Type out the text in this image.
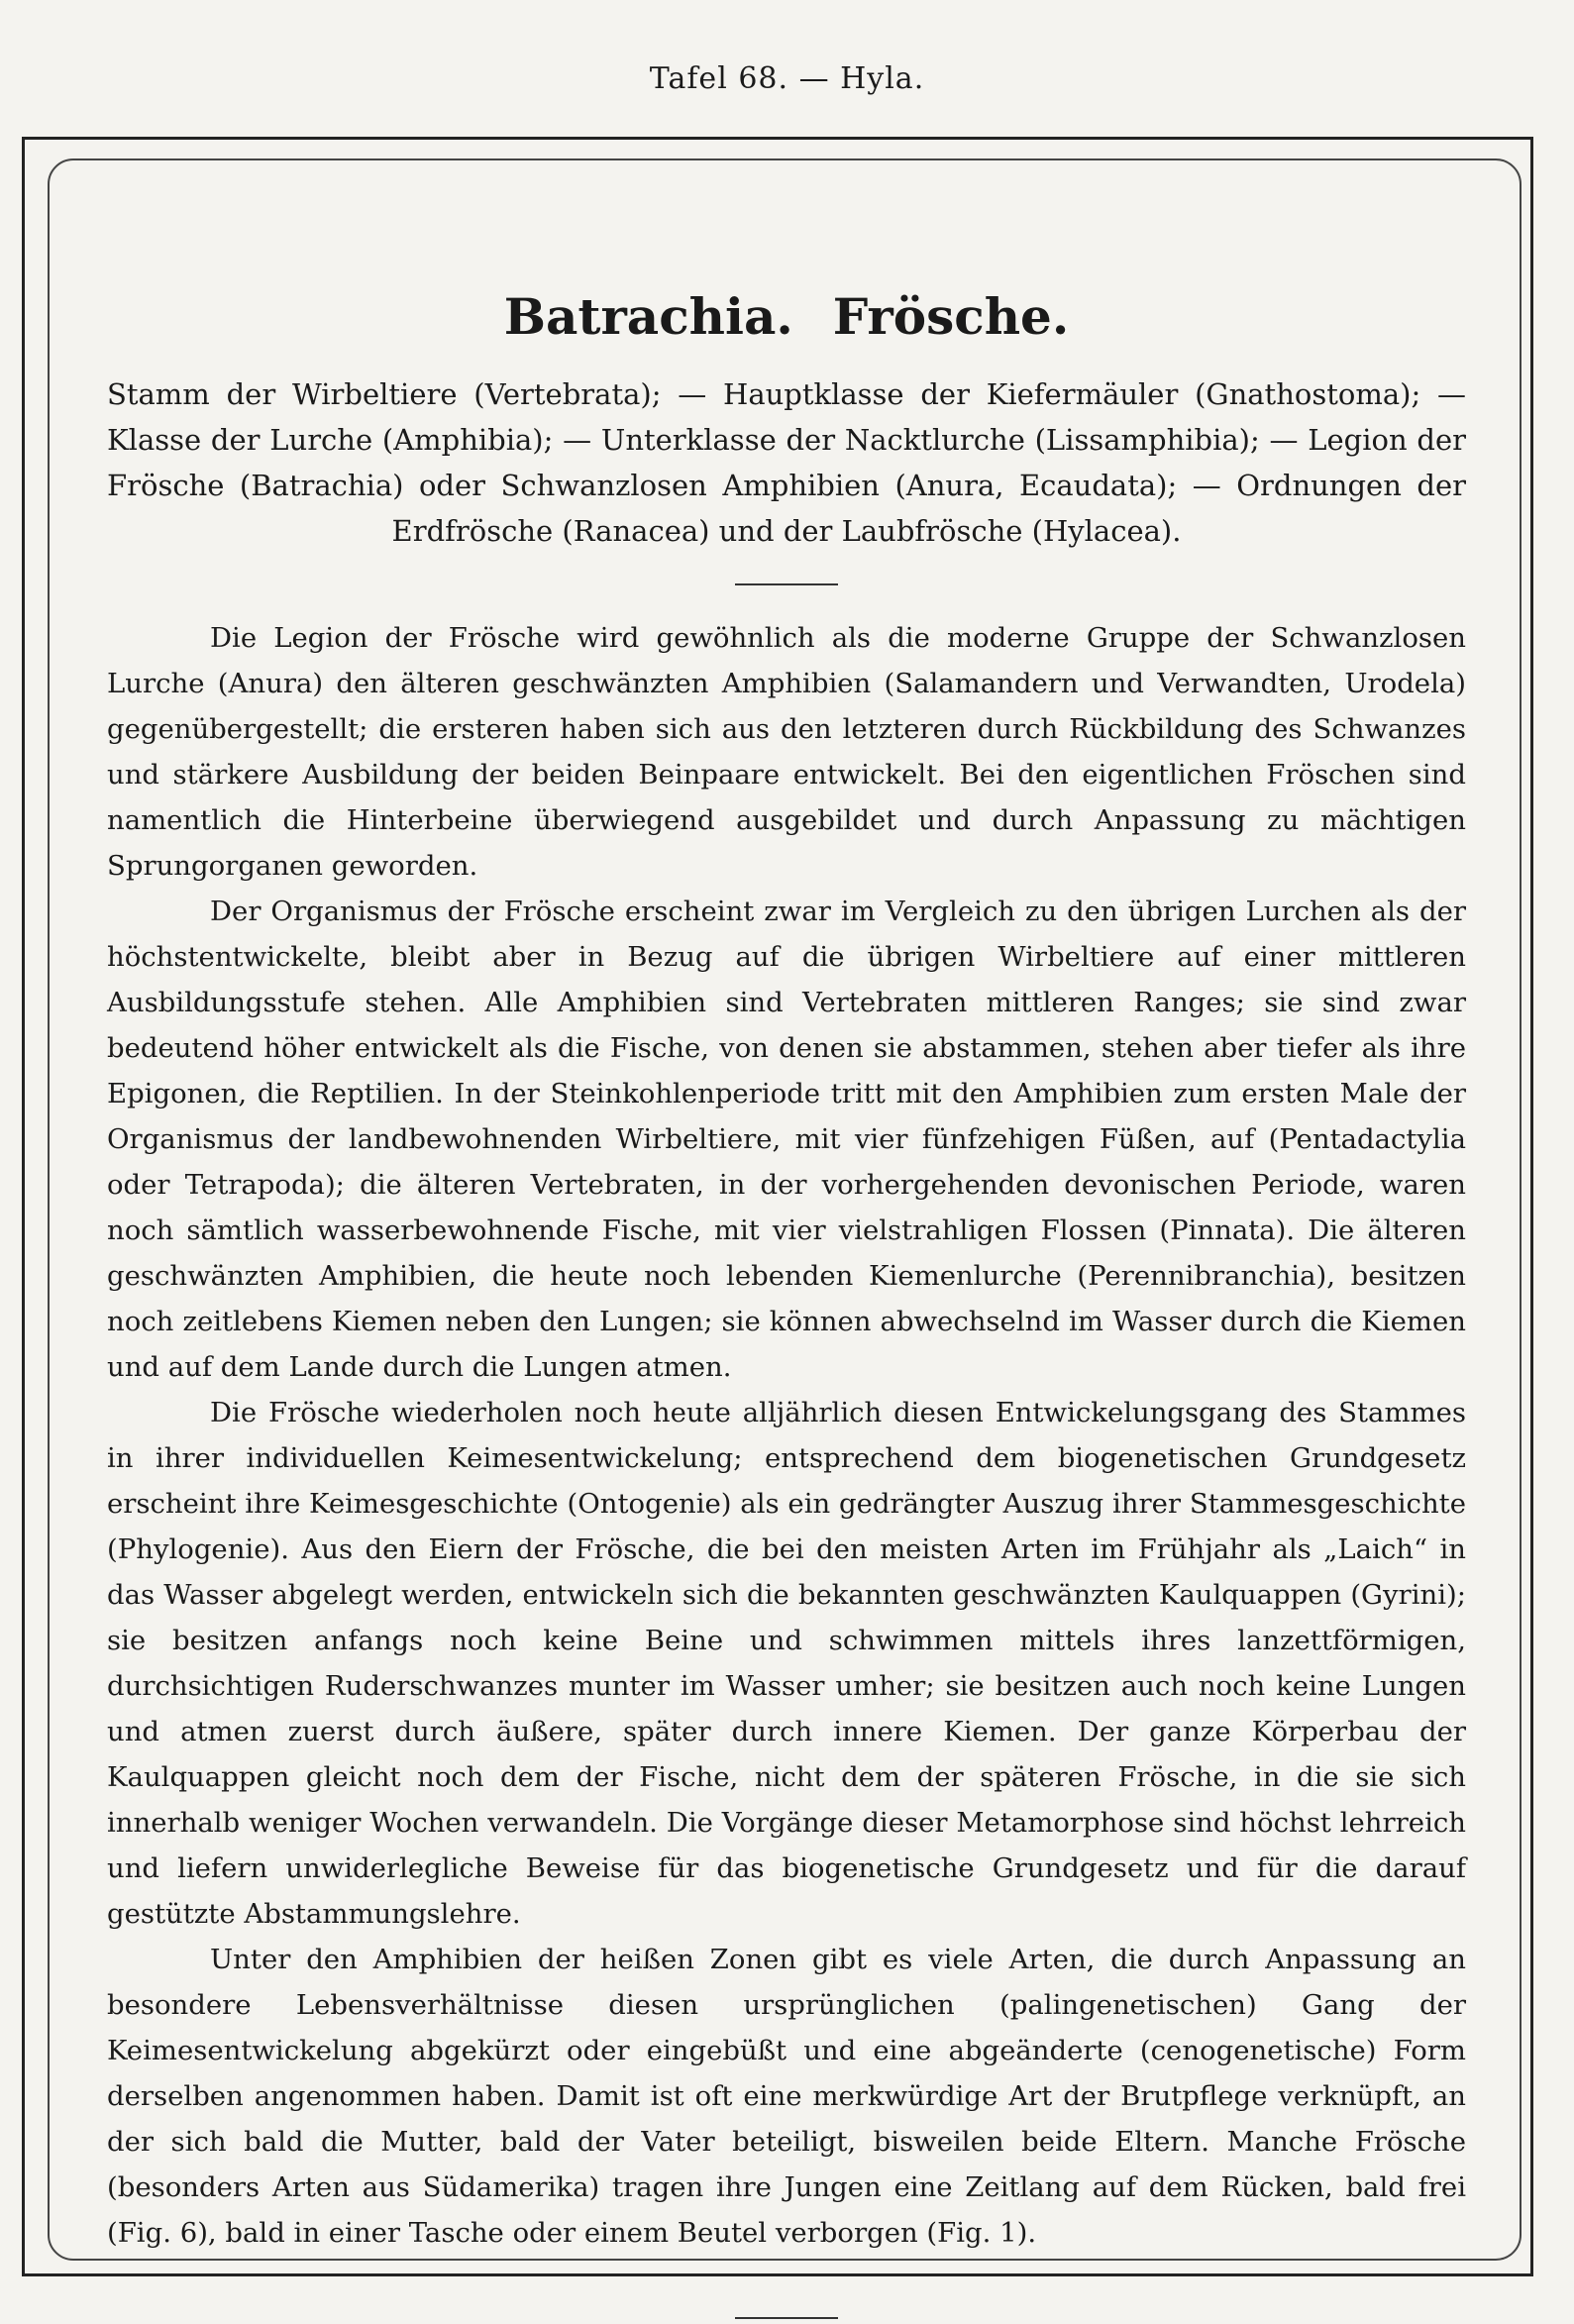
Tafel 68. — Hyla.
Batrachia. Frösche.

Stamm der Wirbeltiere (Vertebrata); — Hauptklasse der Kiefermäuler (Gnathostoma); — Klasse der Lurche (Amphibia); — Unterklasse der Nacktlurche (Lissamphibia); — Legion der Frösche (Batrachia) oder Schwanzlosen Amphibien (Anura, Ecaudata); — Ordnungen der Erdfrösche (Ranacea) und der Laubfrösche (Hylacea).

Die Legion der Frösche wird gewöhnlich als die moderne Gruppe der Schwanzlosen Lurche (Anura) den älteren geschwänzten Amphibien (Salamandern und Verwandten, Urodela) gegenübergestellt; die ersteren haben sich aus den letzteren durch Rückbildung des Schwanzes und stärkere Ausbildung der beiden Beinpaare entwickelt. Bei den eigentlichen Fröschen sind namentlich die Hinterbeine überwiegend ausgebildet und durch Anpassung zu mächtigen Sprungorganen geworden.

Der Organismus der Frösche erscheint zwar im Vergleich zu den übrigen Lurchen als der höchstentwickelte, bleibt aber in Bezug auf die übrigen Wirbeltiere auf einer mittleren Ausbildungsstufe stehen. Alle Amphibien sind Vertebraten mittleren Ranges; sie sind zwar bedeutend höher entwickelt als die Fische, von denen sie abstammen, stehen aber tiefer als ihre Epigonen, die Reptilien. In der Steinkohlenperiode tritt mit den Amphibien zum ersten Male der Organismus der landbewohnenden Wirbeltiere, mit vier fünfzehigen Füßen, auf (Pentadactylia oder Tetrapoda); die älteren Vertebraten, in der vorhergehenden devonischen Periode, waren noch sämtlich wasserbewohnende Fische, mit vier vielstrahligen Flossen (Pinnata). Die älteren geschwänzten Amphibien, die heute noch lebenden Kiemenlurche (Perennibranchia), besitzen noch zeitlebens Kiemen neben den Lungen; sie können abwechselnd im Wasser durch die Kiemen und auf dem Lande durch die Lungen atmen.

Die Frösche wiederholen noch heute alljährlich diesen Entwickelungsgang des Stammes in ihrer individuellen Keimesentwickelung; entsprechend dem biogenetischen Grundgesetz erscheint ihre Keimesgeschichte (Ontogenie) als ein gedrängter Auszug ihrer Stammesgeschichte (Phylogenie). Aus den Eiern der Frösche, die bei den meisten Arten im Frühjahr als „Laich“ in das Wasser abgelegt werden, entwickeln sich die bekannten geschwänzten Kaulquappen (Gyrini); sie besitzen anfangs noch keine Beine und schwimmen mittels ihres lanzettförmigen, durchsichtigen Ruderschwanzes munter im Wasser umher; sie besitzen auch noch keine Lungen und atmen zuerst durch äußere, später durch innere Kiemen. Der ganze Körperbau der Kaulquappen gleicht noch dem der Fische, nicht dem der späteren Frösche, in die sie sich innerhalb weniger Wochen verwandeln. Die Vorgänge dieser Metamorphose sind höchst lehrreich und liefern unwiderlegliche Beweise für das biogenetische Grundgesetz und für die darauf gestützte Abstammungslehre.

Unter den Amphibien der heißen Zonen gibt es viele Arten, die durch Anpassung an besondere Lebensverhältnisse diesen ursprünglichen (palingenetischen) Gang der Keimesentwickelung abgekürzt oder eingebüßt und eine abgeänderte (cenogenetische) Form derselben angenommen haben. Damit ist oft eine merkwürdige Art der Brutpflege verknüpft, an der sich bald die Mutter, bald der Vater beteiligt, bisweilen beide Eltern. Manche Frösche (besonders Arten aus Südamerika) tragen ihre Jungen eine Zeitlang auf dem Rücken, bald frei (Fig. 6), bald in einer Tasche oder einem Beutel verborgen (Fig. 1).
